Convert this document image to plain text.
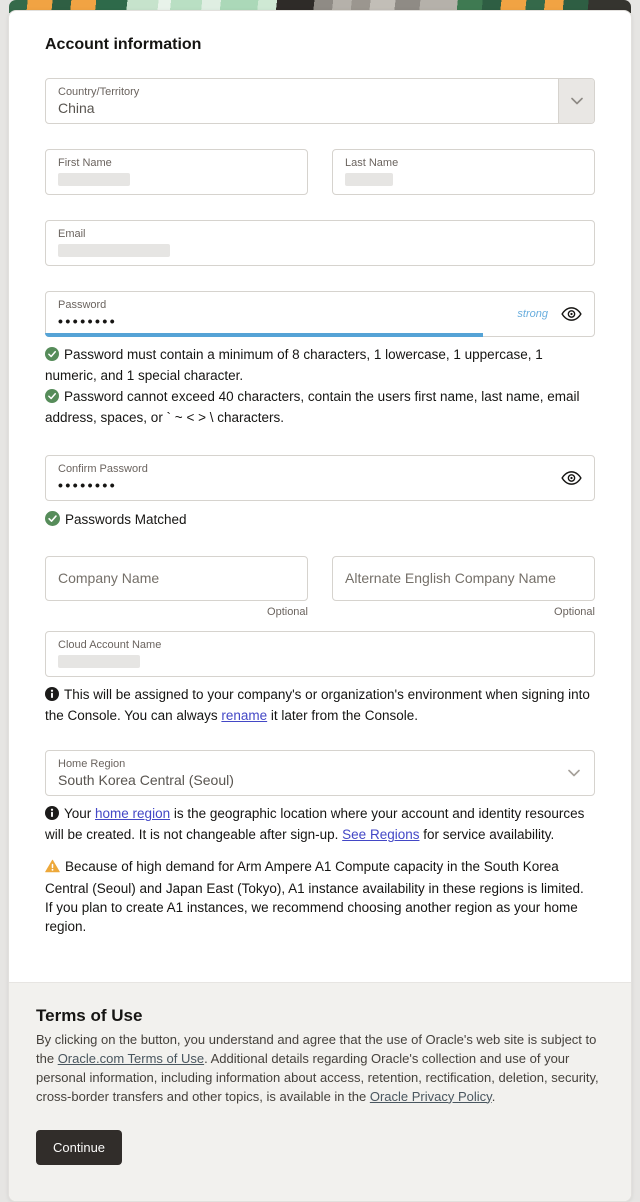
Account information
Country/Territory
China
First Name	Last Name
Email
Password
••••••••	strong

Password must contain a minimum of 8 characters, 1 lowercase, 1 uppercase, 1 numeric, and 1 special character.

Password cannot exceed 40 characters, contain the users first name, last name, email address, spaces, or ` ~ < > \ characters.

Confirm Password
••••••••

Passwords Matched

Company Name
Optional
Alternate English Company Name	Optional
Cloud Account Name

This will be assigned to your company's or organization's environment when signing into the Console. You can always rename it later from the Console.

Home Region
South Korea Central (Seoul)

Your home region is the geographic location where your account and identity resources will be created. It is not changeable after sign-up. See Regions for service availability.

Because of high demand for Arm Ampere A1 Compute capacity in the South Korea Central (Seoul) and Japan East (Tokyo), A1 instance availability in these regions is limited. If you plan to create A1 instances, we recommend choosing another region as your home region.

Terms of Use

By clicking on the button, you understand and agree that the use of Oracle's web site is subject to the Oracle.com Terms of Use. Additional details regarding Oracle's collection and use of your personal information, including information about access, retention, rectification, deletion, security, cross-border transfers and other topics, is available in the Oracle Privacy Policy.

Continue
